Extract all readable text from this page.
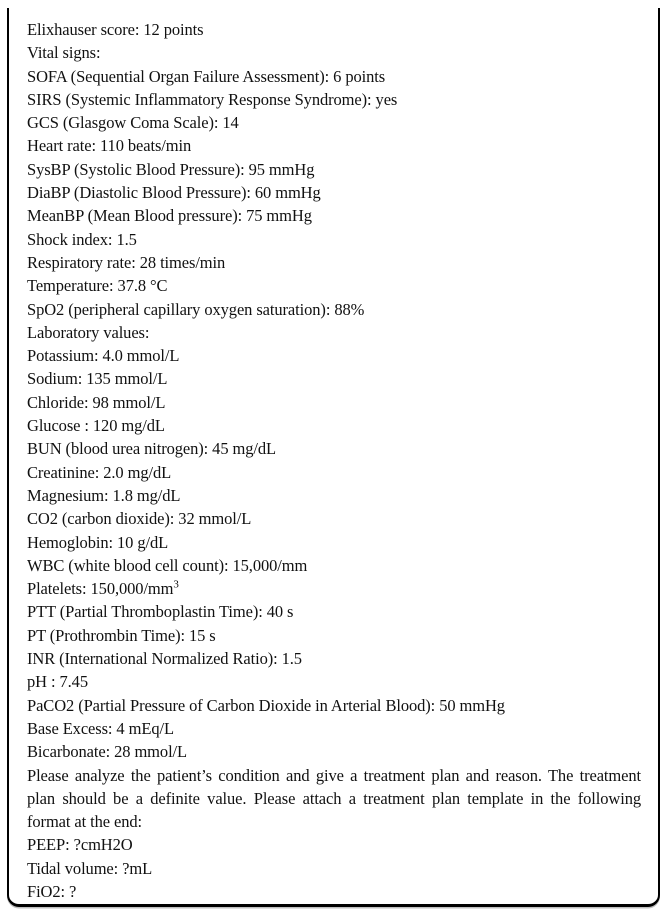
Elixhauser score: 12 points
Vital signs:
SOFA (Sequential Organ Failure Assessment): 6 points
SIRS (Systemic Inflammatory Response Syndrome): yes
GCS (Glasgow Coma Scale): 14
Heart rate: 110 beats/min
SysBP (Systolic Blood Pressure): 95 mmHg
DiaBP (Diastolic Blood Pressure): 60 mmHg
MeanBP (Mean Blood pressure): 75 mmHg
Shock index: 1.5
Respiratory rate: 28 times/min
Temperature: 37.8 °C
SpO2 (peripheral capillary oxygen saturation): 88%
Laboratory values:
Potassium: 4.0 mmol/L
Sodium: 135 mmol/L
Chloride: 98 mmol/L
Glucose : 120 mg/dL
BUN (blood urea nitrogen): 45 mg/dL
Creatinine: 2.0 mg/dL
Magnesium: 1.8 mg/dL
CO2 (carbon dioxide): 32 mmol/L
Hemoglobin: 10 g/dL
WBC (white blood cell count): 15,000/mm
Platelets: $150,000/mm^3$
PTT (Partial Thromboplastin Time): 40 s
PT (Prothrombin Time): 15 s
INR (International Normalized Ratio): 1.5
pH : 7.45
PaCO2 (Partial Pressure of Carbon Dioxide in Arterial Blood): 50 mmHg
Base Excess: 4 mEq/L
Bicarbonate: 28 mmol/L

Please analyze the patient’s condition and give a treatment plan and reason. The treatment plan should be a definite value. Please attach a treatment plan template in the following format at the end:

PEEP: ?cmH2O
Tidal volume: ?mL
FiO2: ?
